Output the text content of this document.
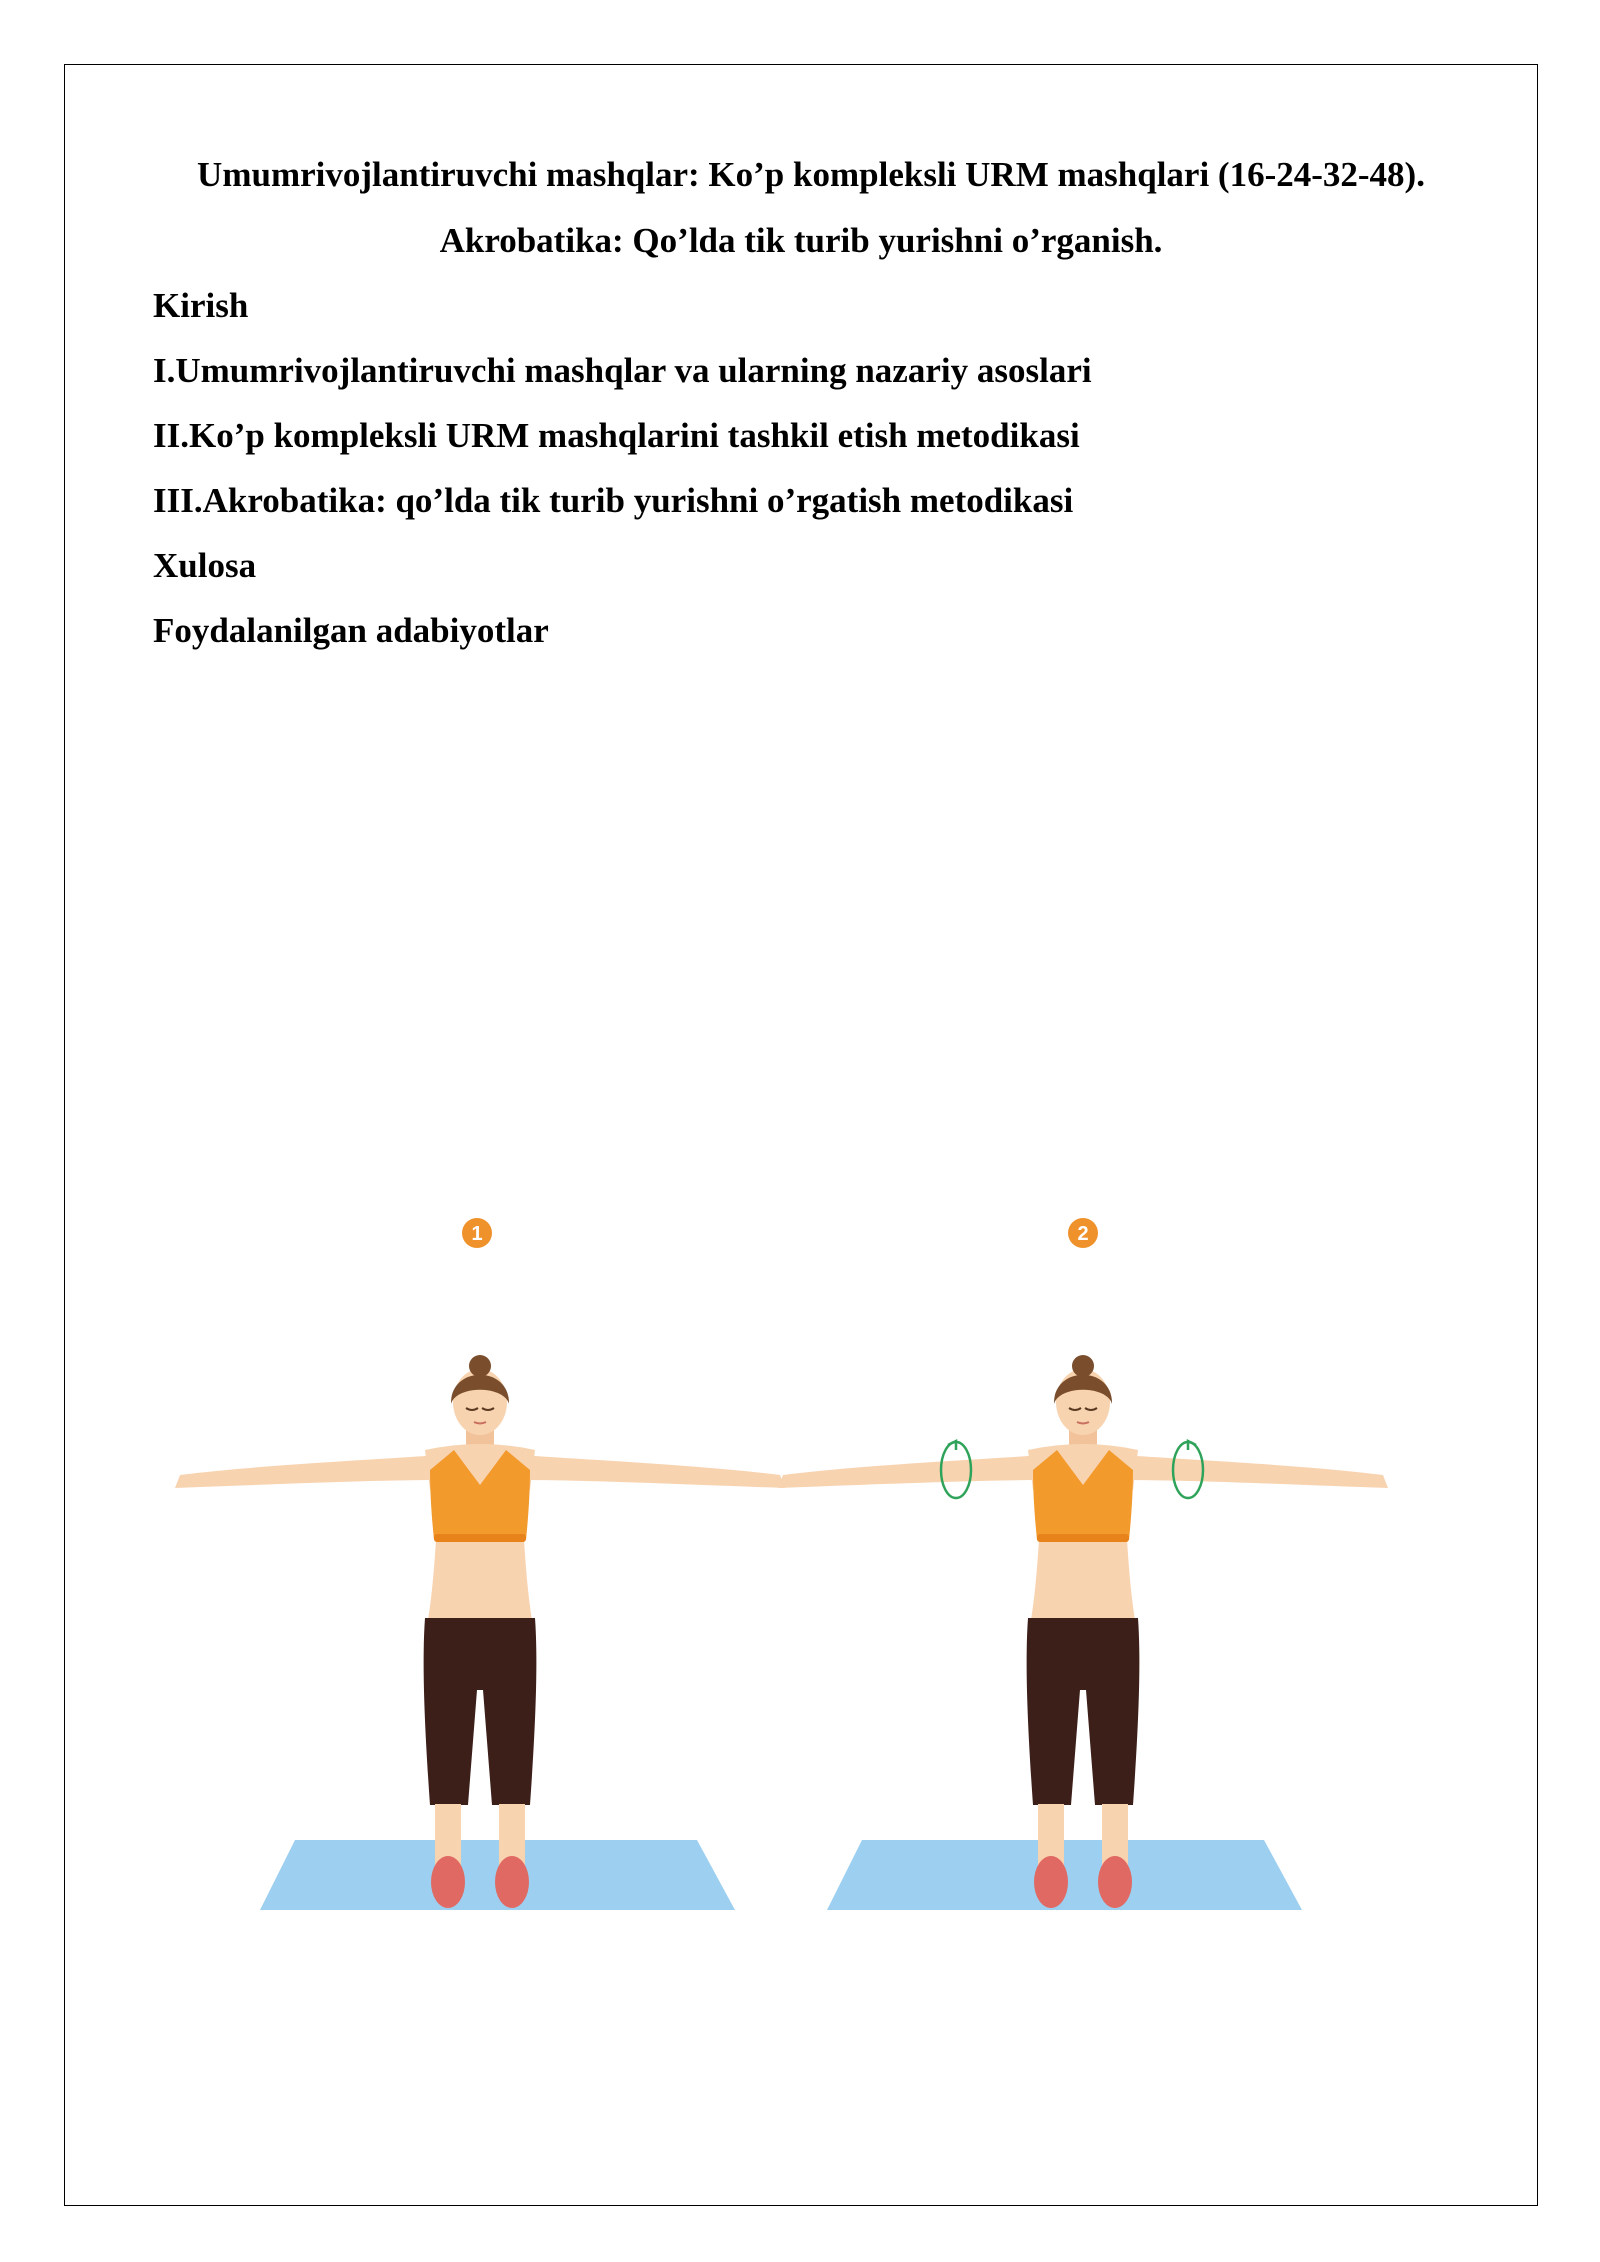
Umumrivojlantiruvchi mashqlar: Ko’p kompleksli URM mashqlari (16-24-32-48).
Akrobatika: Qo’lda tik turib yurishni o’rganish.
Kirish
I.Umumrivojlantiruvchi mashqlar va ularning nazariy asoslari
II.Ko’p kompleksli URM mashqlarini tashkil etish metodikasi
III.Akrobatika: qo’lda tik turib yurishni o’rgatish metodikasi
Xulosa
Foydalanilgan adabiyotlar
1	2
